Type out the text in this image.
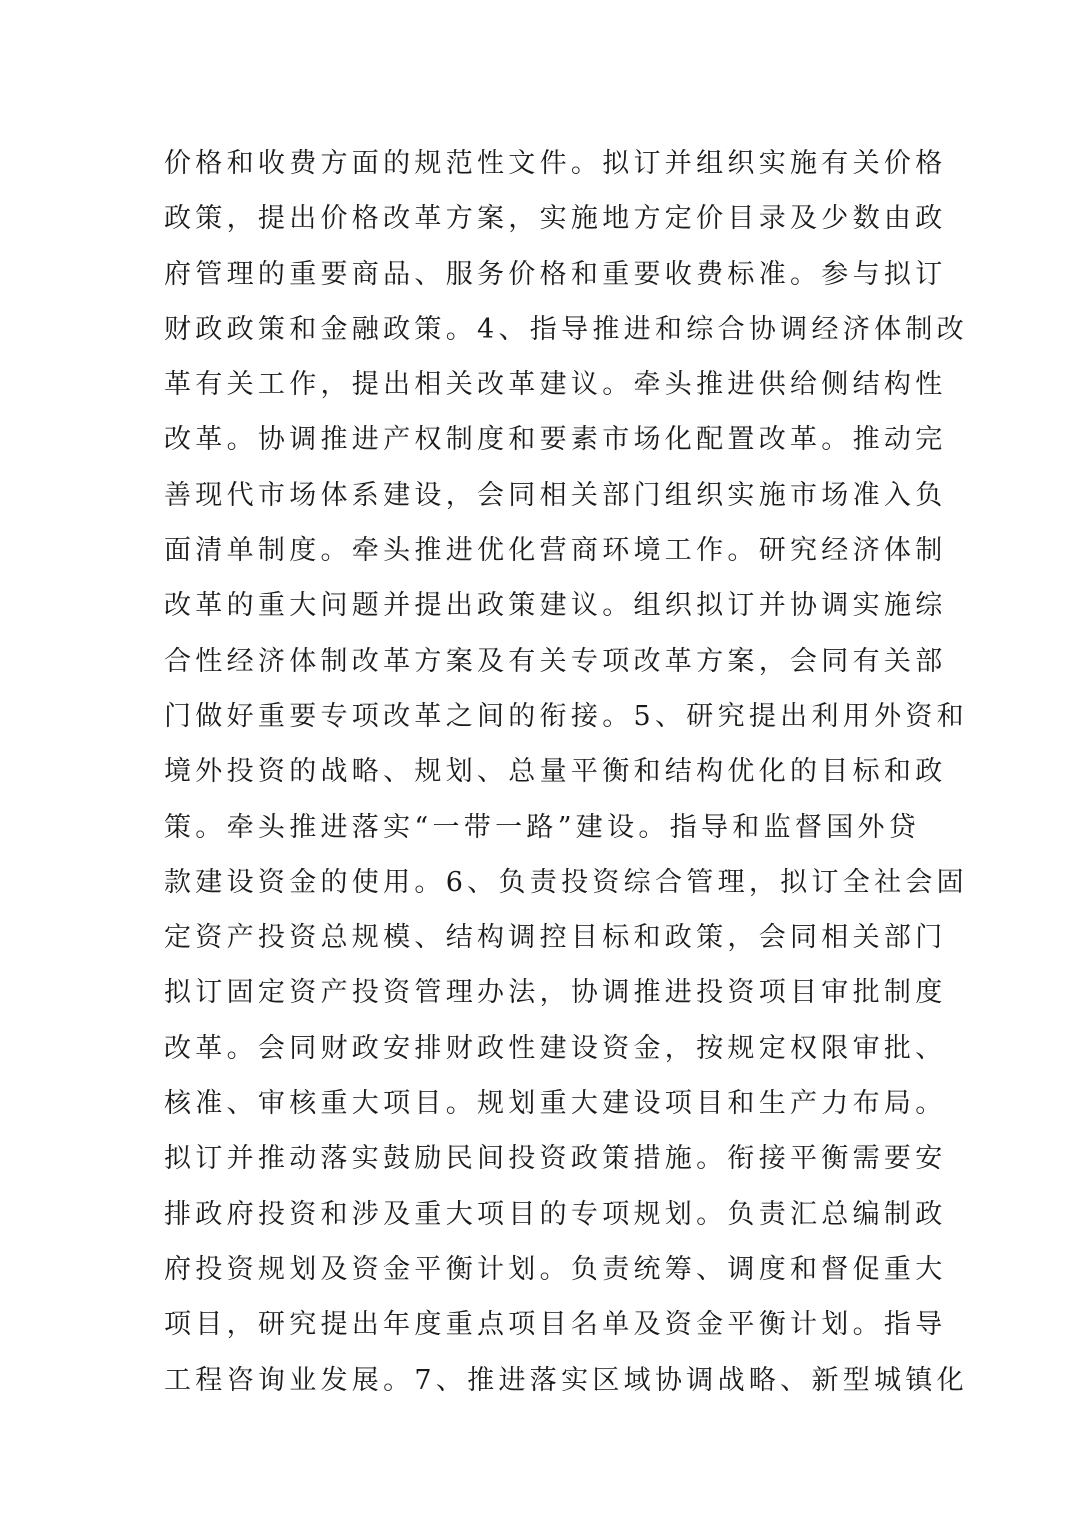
价格和收费方面的规范性文件。拟订并组织实施有关价格
政策，提出价格改革方案，实施地方定价目录及少数由政
府管理的重要商品、服务价格和重要收费标准。参与拟订
财政政策和金融政策。4、指导推进和综合协调经济体制改
革有关工作，提出相关改革建议。牵头推进供给侧结构性
改革。协调推进产权制度和要素市场化配置改革。推动完
善现代市场体系建设，会同相关部门组织实施市场准入负
面清单制度。牵头推进优化营商环境工作。研究经济体制
改革的重大问题并提出政策建议。组织拟订并协调实施综
合性经济体制改革方案及有关专项改革方案，会同有关部
门做好重要专项改革之间的衔接。5、研究提出利用外资和
境外投资的战略、规划、总量平衡和结构优化的目标和政
策。牵头推进落实“一带一路”建设。指导和监督国外贷
款建设资金的使用。6、负责投资综合管理，拟订全社会固
定资产投资总规模、结构调控目标和政策，会同相关部门
拟订固定资产投资管理办法，协调推进投资项目审批制度
改革。会同财政安排财政性建设资金，按规定权限审批、
核准、审核重大项目。规划重大建设项目和生产力布局。
拟订并推动落实鼓励民间投资政策措施。衔接平衡需要安
排政府投资和涉及重大项目的专项规划。负责汇总编制政
府投资规划及资金平衡计划。负责统筹、调度和督促重大
项目，研究提出年度重点项目名单及资金平衡计划。指导
工程咨询业发展。7、推进落实区域协调战略、新型城镇化
